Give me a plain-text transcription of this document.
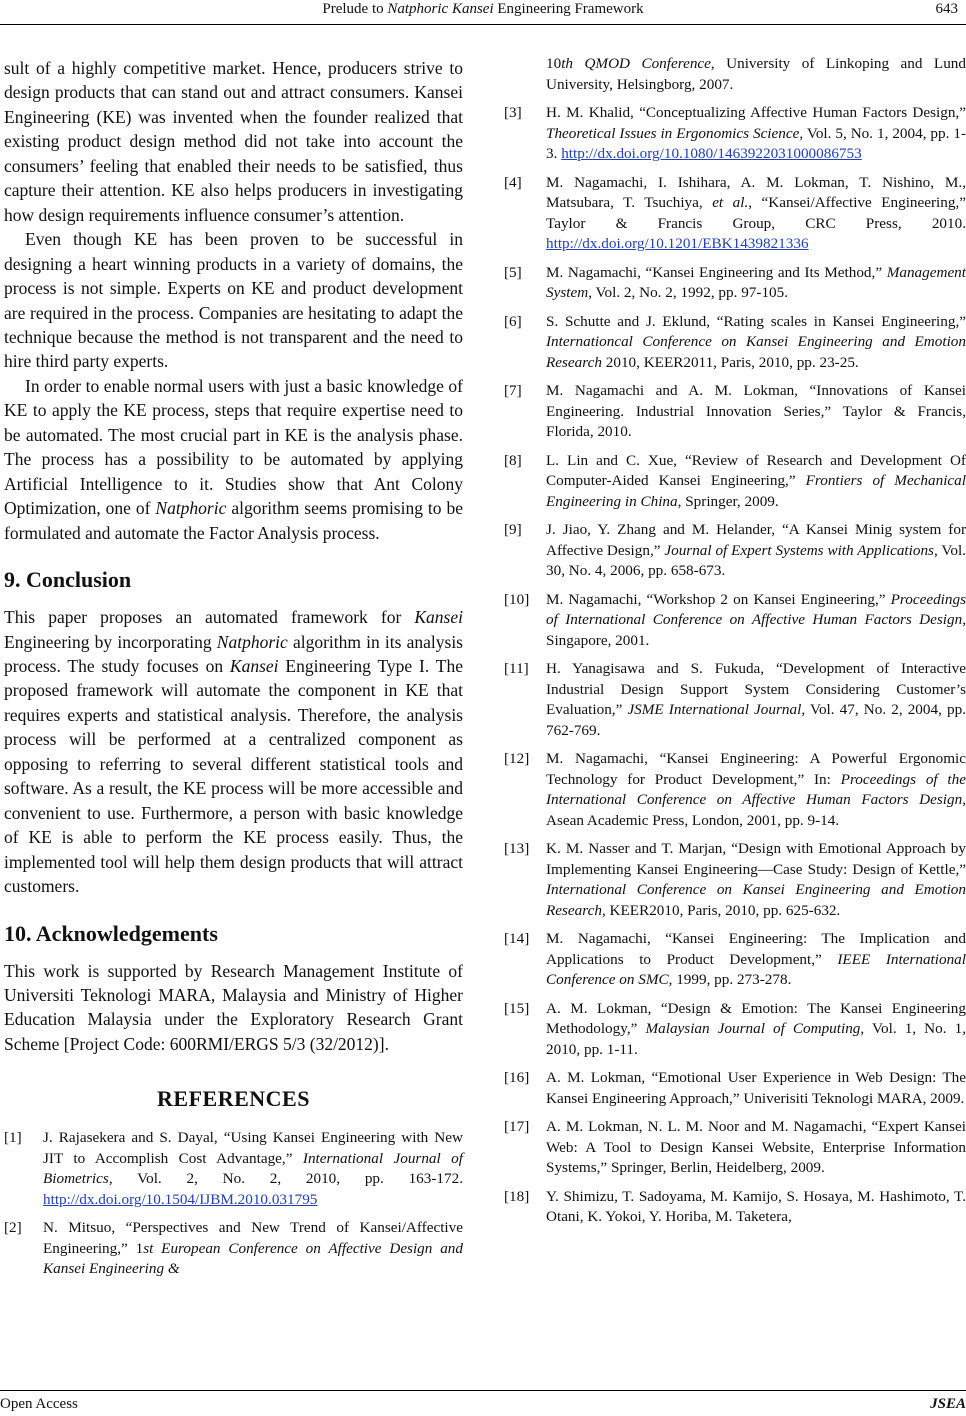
Prelude to Natphoric Kansei Engineering Framework	643

sult of a highly competitive market. Hence, producers strive to design products that can stand out and attract consumers. Kansei Engineering (KE) was invented when the founder realized that existing product design method did not take into account the consumers’ feeling that enabled their needs to be satisfied, thus capture their attention. KE also helps producers in investigating how design requirements influence consumer’s attention.

Even though KE has been proven to be successful in designing a heart winning products in a variety of domains, the process is not simple. Experts on KE and product development are required in the process. Companies are hesitating to adapt the technique because the method is not transparent and the need to hire third party experts.

In order to enable normal users with just a basic knowledge of KE to apply the KE process, steps that require expertise need to be automated. The most crucial part in KE is the analysis phase. The process has a possibility to be automated by applying Artificial Intelligence to it. Studies show that Ant Colony Optimization, one of Natphoric algorithm seems promising to be formulated and automate the Factor Analysis process.

9. Conclusion

This paper proposes an automated framework for Kansei Engineering by incorporating Natphoric algorithm in its analysis process. The study focuses on Kansei Engineering Type I. The proposed framework will automate the component in KE that requires experts and statistical analysis. Therefore, the analysis process will be performed at a centralized component as opposing to referring to several different statistical tools and software. As a result, the KE process will be more accessible and convenient to use. Furthermore, a person with basic knowledge of KE is able to perform the KE process easily. Thus, the implemented tool will help them design products that will attract customers.

10. Acknowledgements

This work is supported by Research Management Institute of Universiti Teknologi MARA, Malaysia and Ministry of Higher Education Malaysia under the Exploratory Research Grant Scheme [Project Code: 600RMI/ERGS 5/3 (32/2012)].

REFERENCES
[1] J. Rajasekera and S. Dayal, “Using Kansei Engineering with New JIT to Accomplish Cost Advantage,” International Journal of Biometrics, Vol. 2, No. 2, 2010, pp. 163-172. http://dx.doi.org/10.1504/IJBM.2010.031795
[2] N. Mitsuo, “Perspectives and New Trend of Kansei/Affective Engineering,” 1st European Conference on Affective Design and Kansei Engineering &
10th QMOD Conference, University of Linkoping and Lund University, Helsingborg, 2007.
[3] H. M. Khalid, “Conceptualizing Affective Human Factors Design,” Theoretical Issues in Ergonomics Science, Vol. 5, No. 1, 2004, pp. 1-3. http://dx.doi.org/10.1080/1463922031000086753
[4] M. Nagamachi, I. Ishihara, A. M. Lokman, T. Nishino, M., Matsubara, T. Tsuchiya, et al., “Kansei/Affective Engineering,” Taylor & Francis Group, CRC Press, 2010. http://dx.doi.org/10.1201/EBK1439821336
[5] M. Nagamachi, “Kansei Engineering and Its Method,” Management System, Vol. 2, No. 2, 1992, pp. 97-105.
[6] S. Schutte and J. Eklund, “Rating scales in Kansei Engineering,” Internationcal Conference on Kansei Engineering and Emotion Research 2010, KEER2011, Paris, 2010, pp. 23-25.
[7] M. Nagamachi and A. M. Lokman, “Innovations of Kansei Engineering. Industrial Innovation Series,” Taylor & Francis, Florida, 2010.
[8] L. Lin and C. Xue, “Review of Research and Development Of Computer-Aided Kansei Engineering,” Frontiers of Mechanical Engineering in China, Springer, 2009.
[9] J. Jiao, Y. Zhang and M. Helander, “A Kansei Minig system for Affective Design,” Journal of Expert Systems with Applications, Vol. 30, No. 4, 2006, pp. 658-673.
[10] M. Nagamachi, “Workshop 2 on Kansei Engineering,” Proceedings of International Conference on Affective Human Factors Design, Singapore, 2001.
[11] H. Yanagisawa and S. Fukuda, “Development of Interactive Industrial Design Support System Considering Customer’s Evaluation,” JSME International Journal, Vol. 47, No. 2, 2004, pp. 762-769.
[12] M. Nagamachi, “Kansei Engineering: A Powerful Ergonomic Technology for Product Development,” In: Proceedings of the International Conference on Affective Human Factors Design, Asean Academic Press, London, 2001, pp. 9-14.
[13] K. M. Nasser and T. Marjan, “Design with Emotional Approach by Implementing Kansei Engineering—Case Study: Design of Kettle,” International Conference on Kansei Engineering and Emotion Research, KEER2010, Paris, 2010, pp. 625-632.
[14] M. Nagamachi, “Kansei Engineering: The Implication and Applications to Product Development,” IEEE International Conference on SMC, 1999, pp. 273-278.
[15] A. M. Lokman, “Design & Emotion: The Kansei Engineering Methodology,” Malaysian Journal of Computing, Vol. 1, No. 1, 2010, pp. 1-11.
[16] A. M. Lokman, “Emotional User Experience in Web Design: The Kansei Engineering Approach,” Univerisiti Teknologi MARA, 2009.
[17] A. M. Lokman, N. L. M. Noor and M. Nagamachi, “Expert Kansei Web: A Tool to Design Kansei Website, Enterprise Information Systems,” Springer, Berlin, Heidelberg, 2009.
[18] Y. Shimizu, T. Sadoyama, M. Kamijo, S. Hosaya, M. Hashimoto, T. Otani, K. Yokoi, Y. Horiba, M. Taketera,
Open Access	JSEA
